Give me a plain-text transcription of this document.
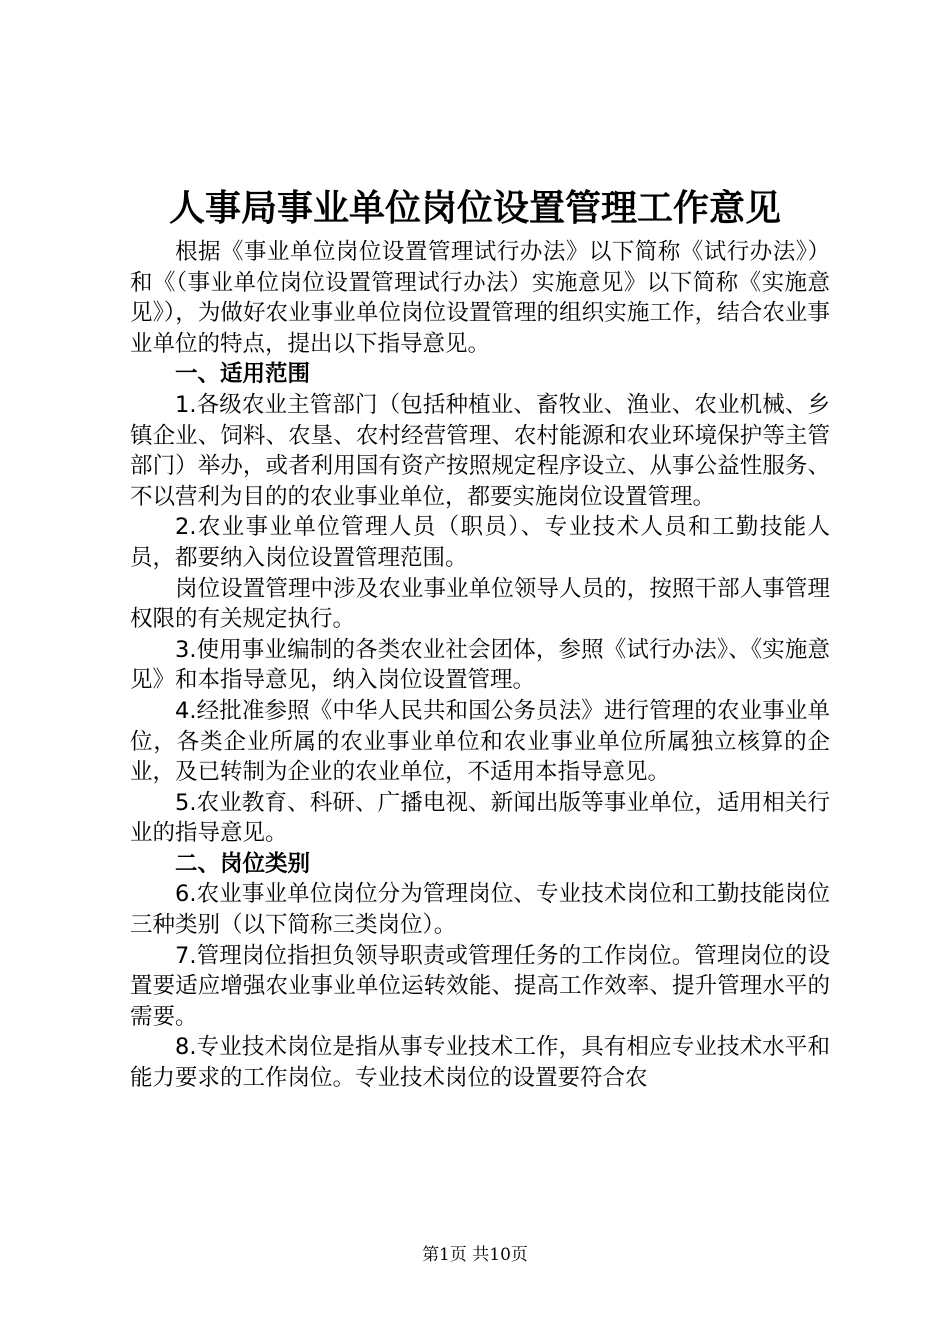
人事局事业单位岗位设置管理工作意见

根据《事业单位岗位设置管理试行办法》以下简称《试行办法》）和《（事业单位岗位设置管理试行办法）实施意见》以下简称《实施意见》），为做好农业事业单位岗位设置管理的组织实施工作，结合农业事业单位的特点，提出以下指导意见。

一、适用范围

1.各级农业主管部门（包括种植业、畜牧业、渔业、农业机械、乡镇企业、饲料、农垦、农村经营管理、农村能源和农业环境保护等主管部门）举办，或者利用国有资产按照规定程序设立、从事公益性服务、不以营利为目的的农业事业单位，都要实施岗位设置管理。

2.农业事业单位管理人员（职员）、专业技术人员和工勤技能人员，都要纳入岗位设置管理范围。

岗位设置管理中涉及农业事业单位领导人员的，按照干部人事管理权限的有关规定执行。

3.使用事业编制的各类农业社会团体，参照《试行办法》、《实施意见》和本指导意见，纳入岗位设置管理。

4.经批准参照《中华人民共和国公务员法》进行管理的农业事业单位，各类企业所属的农业事业单位和农业事业单位所属独立核算的企业，及已转制为企业的农业单位，不适用本指导意见。

5.农业教育、科研、广播电视、新闻出版等事业单位，适用相关行业的指导意见。

二、岗位类别

6.农业事业单位岗位分为管理岗位、专业技术岗位和工勤技能岗位三种类别（以下简称三类岗位）。

7.管理岗位指担负领导职责或管理任务的工作岗位。管理岗位的设置要适应增强农业事业单位运转效能、提高工作效率、提升管理水平的需要。

8.专业技术岗位是指从事专业技术工作，具有相应专业技术水平和能力要求的工作岗位。专业技术岗位的设置要符合农

第1页 共10页
